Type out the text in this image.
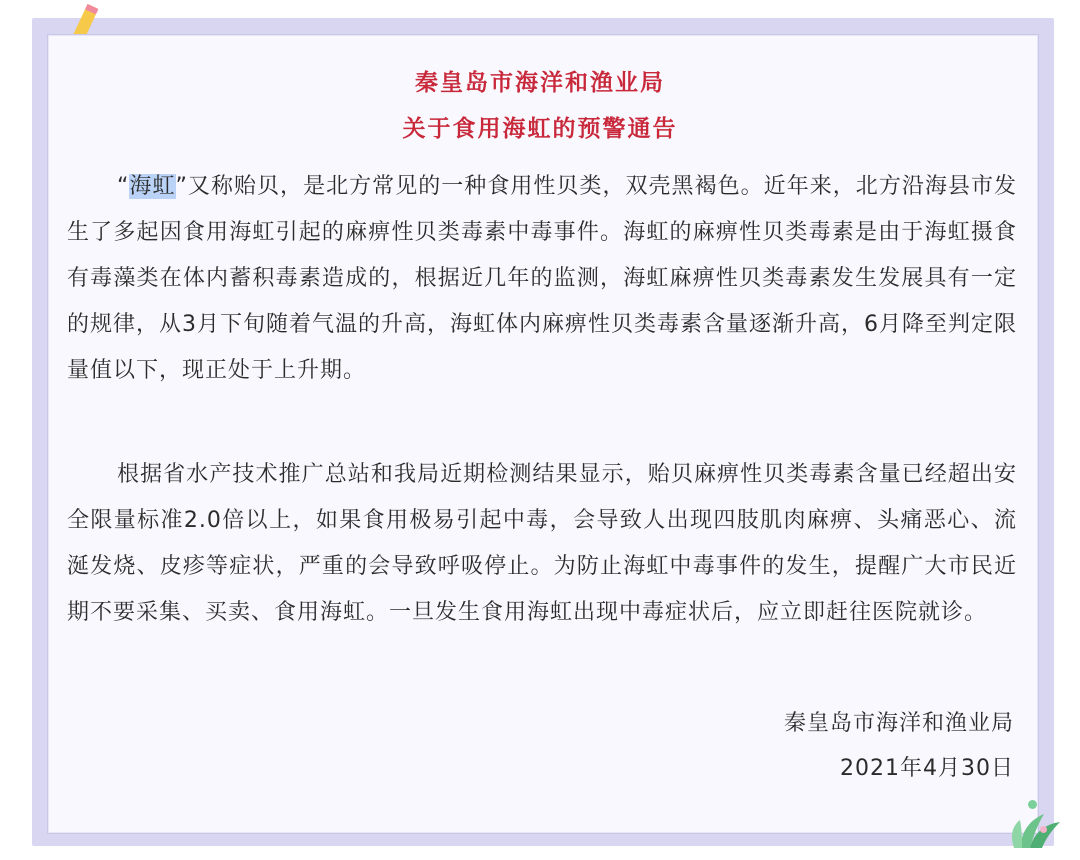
秦皇岛市海洋和渔业局
关于食用海虹的预警通告
“海虹”又称贻贝，是北方常见的一种食用性贝类，双壳黑褐色。近年来，北方沿海县市发生了多起因食用海虹引起的麻痹性贝类毒素中毒事件。海虹的麻痹性贝类毒素是由于海虹摄食有毒藻类在体内蓄积毒素造成的，根据近几年的监测，海虹麻痹性贝类毒素发生发展具有一定的规律，从3月下旬随着气温的升高，海虹体内麻痹性贝类毒素含量逐渐升高，6月降至判定限量值以下，现正处于上升期。
根据省水产技术推广总站和我局近期检测结果显示，贻贝麻痹性贝类毒素含量已经超出安全限量标准2.0倍以上，如果食用极易引起中毒，会导致人出现四肢肌肉麻痹、头痛恶心、流涎发烧、皮疹等症状，严重的会导致呼吸停止。为防止海虹中毒事件的发生，提醒广大市民近期不要采集、买卖、食用海虹。一旦发生食用海虹出现中毒症状后，应立即赶往医院就诊。
秦皇岛市海洋和渔业局
2021年4月30日
